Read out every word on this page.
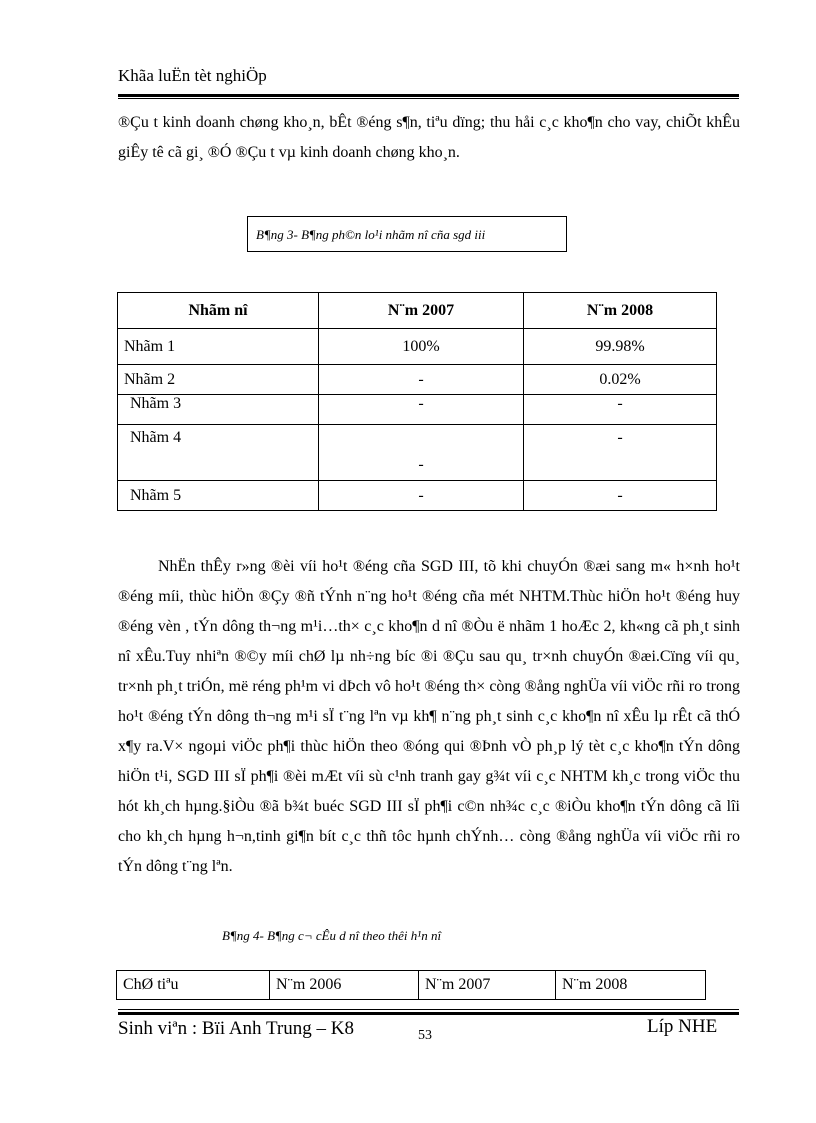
Khãa luËn tèt nghiÖp
®Çu t kinh doanh chøng kho¸n, bÊt ®éng s¶n, tiªu dïng; thu håi c¸c kho¶n cho vay, chiÕt khÊu giÊy tê cã gi¸ ®Ó ®Çu t vµ kinh doanh chøng kho¸n.
B¶ng 3- B¶ng ph©n lo¹i nhãm nî cña sgd iii
Nhãm nî	N¨m 2007	N¨m 2008
Nhãm 1	100%	99.98%
Nhãm 2	-	0.02%
Nhãm 3	-	-
Nhãm 4	-	-
Nhãm 5	-	-
NhËn thÊy r»ng ®èi víi ho¹t ®éng cña SGD III, tõ khi chuyÓn ®æi sang m« h×nh ho¹t ®éng míi, thùc hiÖn ®Çy ®ñ tÝnh n¨ng ho¹t ®éng cña mét NHTM.Thùc hiÖn ho¹t ®éng huy ®éng vèn , tÝn dông th¬ng m¹i…th× c¸c kho¶n d nî ®Òu ë nhãm 1 hoÆc 2, kh«ng cã ph¸t sinh nî xÊu.Tuy nhiªn ®©y míi chØ lµ nh÷ng bíc ®i ®Çu sau qu¸ tr×nh chuyÓn ®æi.Cïng víi qu¸ tr×nh ph¸t triÓn, më réng ph¹m vi dÞch vô ho¹t ®éng th× còng ®ång nghÜa víi viÖc rñi ro trong ho¹t ®éng tÝn dông th¬ng m¹i sÏ t¨ng lªn vµ kh¶ n¨ng ph¸t sinh c¸c kho¶n nî xÊu lµ rÊt cã thÓ x¶y ra.V× ngoµi viÖc ph¶i thùc hiÖn theo ®óng qui ®Þnh vÒ ph¸p lý tèt c¸c kho¶n tÝn dông hiÖn t¹i, SGD III sÏ ph¶i ®èi mÆt víi sù c¹nh tranh gay g¾t víi c¸c NHTM kh¸c trong viÖc thu hót kh¸ch hµng.§iÒu ®ã b¾t buéc SGD III sÏ ph¶i c©n nh¾c c¸c ®iÒu kho¶n tÝn dông cã lîi cho kh¸ch hµng h¬n,tinh gi¶n bít c¸c thñ tôc hµnh chÝnh… còng ®ång nghÜa víi viÖc rñi ro tÝn dông t¨ng lªn.
B¶ng 4- B¶ng c¬ cÊu d nî theo thêi h¹n nî
ChØ tiªu	N¨m 2006	N¨m 2007	N¨m 2008
Sinh viªn : Bïi Anh Trung – K8	53	Líp NHE
